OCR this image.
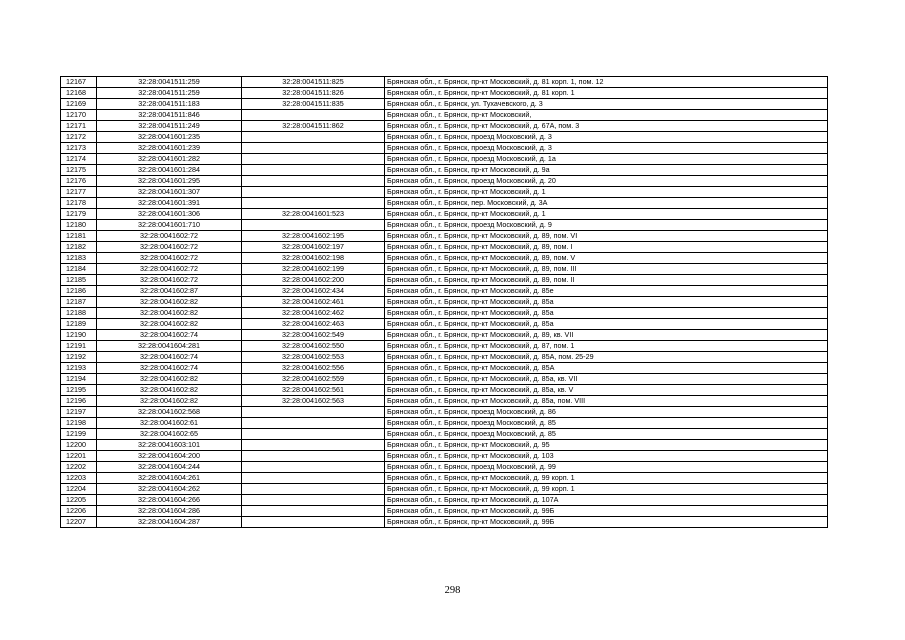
12167	32:28:0041511:259	32:28:0041511:825	Брянская обл., г. Брянск, пр-кт Московский, д. 81 корп. 1, пом. 12
12168	32:28:0041511:259	32:28:0041511:826	Брянская обл., г. Брянск, пр-кт Московский, д. 81 корп. 1
12169	32:28:0041511:183	32:28:0041511:835	Брянская обл., г. Брянск, ул. Тухачевского, д. 3
12170	32:28:0041511:846		Брянская обл., г. Брянск, пр-кт Московский,
12171	32:28:0041511:249	32:28:0041511:862	Брянская обл., г. Брянск, пр-кт Московский, д. 67А, пом. 3
12172	32:28:0041601:235		Брянская обл., г. Брянск, проезд Московский, д. 3
12173	32:28:0041601:239		Брянская обл., г. Брянск, проезд Московский, д. 3
12174	32:28:0041601:282		Брянская обл., г. Брянск, проезд Московский, д. 1а
12175	32:28:0041601:284		Брянская обл., г. Брянск, пр-кт Московский, д. 9а
12176	32:28:0041601:295		Брянская обл., г. Брянск, проезд Московский, д. 20
12177	32:28:0041601:307		Брянская обл., г. Брянск, пр-кт Московский, д. 1
12178	32:28:0041601:391		Брянская обл., г. Брянск, пер. Московский, д. 3А
12179	32:28:0041601:306	32:28:0041601:523	Брянская обл., г. Брянск, пр-кт Московский, д. 1
12180	32:28:0041601:710		Брянская обл., г. Брянск, проезд Московский, д. 9
12181	32:28:0041602:72	32:28:0041602:195	Брянская обл., г. Брянск, пр-кт Московский, д. 89, пом. VI
12182	32:28:0041602:72	32:28:0041602:197	Брянская обл., г. Брянск, пр-кт Московский, д. 89, пом. I
12183	32:28:0041602:72	32:28:0041602:198	Брянская обл., г. Брянск, пр-кт Московский, д. 89, пом. V
12184	32:28:0041602:72	32:28:0041602:199	Брянская обл., г. Брянск, пр-кт Московский, д. 89, пом. III
12185	32:28:0041602:72	32:28:0041602:200	Брянская обл., г. Брянск, пр-кт Московский, д. 89, пом. II
12186	32:28:0041602:87	32:28:0041602:434	Брянская обл., г. Брянск, пр-кт Московский, д. 85е
12187	32:28:0041602:82	32:28:0041602:461	Брянская обл., г. Брянск, пр-кт Московский, д. 85а
12188	32:28:0041602:82	32:28:0041602:462	Брянская обл., г. Брянск, пр-кт Московский, д. 85а
12189	32:28:0041602:82	32:28:0041602:463	Брянская обл., г. Брянск, пр-кт Московский, д. 85а
12190	32:28:0041602:74	32:28:0041602:549	Брянская обл., г. Брянск, пр-кт Московский, д. 89, кв. VII
12191	32:28:0041604:281	32:28:0041602:550	Брянская обл., г. Брянск, пр-кт Московский, д. 87, пом. 1
12192	32:28:0041602:74	32:28:0041602:553	Брянская обл., г. Брянск, пр-кт Московский, д. 85А, пом. 25-29
12193	32:28:0041602:74	32:28:0041602:556	Брянская обл., г. Брянск, пр-кт Московский, д. 85А
12194	32:28:0041602:82	32:28:0041602:559	Брянская обл., г. Брянск, пр-кт Московский, д. 85а, кв. VII
12195	32:28:0041602:82	32:28:0041602:561	Брянская обл., г. Брянск, пр-кт Московский, д. 85а, кв. V
12196	32:28:0041602:82	32:28:0041602:563	Брянская обл., г. Брянск, пр-кт Московский, д. 85а, пом. VIII
12197	32:28:0041602:568		Брянская обл., г. Брянск, проезд Московский, д. 86
12198	32:28:0041602:61		Брянская обл., г. Брянск, проезд Московский, д. 85
12199	32:28:0041602:65		Брянская обл., г. Брянск, проезд Московский, д. 85
12200	32:28:0041603:101		Брянская обл., г. Брянск, пр-кт Московский, д. 95
12201	32:28:0041604:200		Брянская обл., г. Брянск, пр-кт Московский, д. 103
12202	32:28:0041604:244		Брянская обл., г. Брянск, проезд Московский, д. 99
12203	32:28:0041604:261		Брянская обл., г. Брянск, пр-кт Московский, д. 99 корп. 1
12204	32:28:0041604:262		Брянская обл., г. Брянск, пр-кт Московский, д. 99 корп. 1
12205	32:28:0041604:266		Брянская обл., г. Брянск, пр-кт Московский, д. 107А
12206	32:28:0041604:286		Брянская обл., г. Брянск, пр-кт Московский, д. 99Б
12207	32:28:0041604:287		Брянская обл., г. Брянск, пр-кт Московский, д. 99Б
298
